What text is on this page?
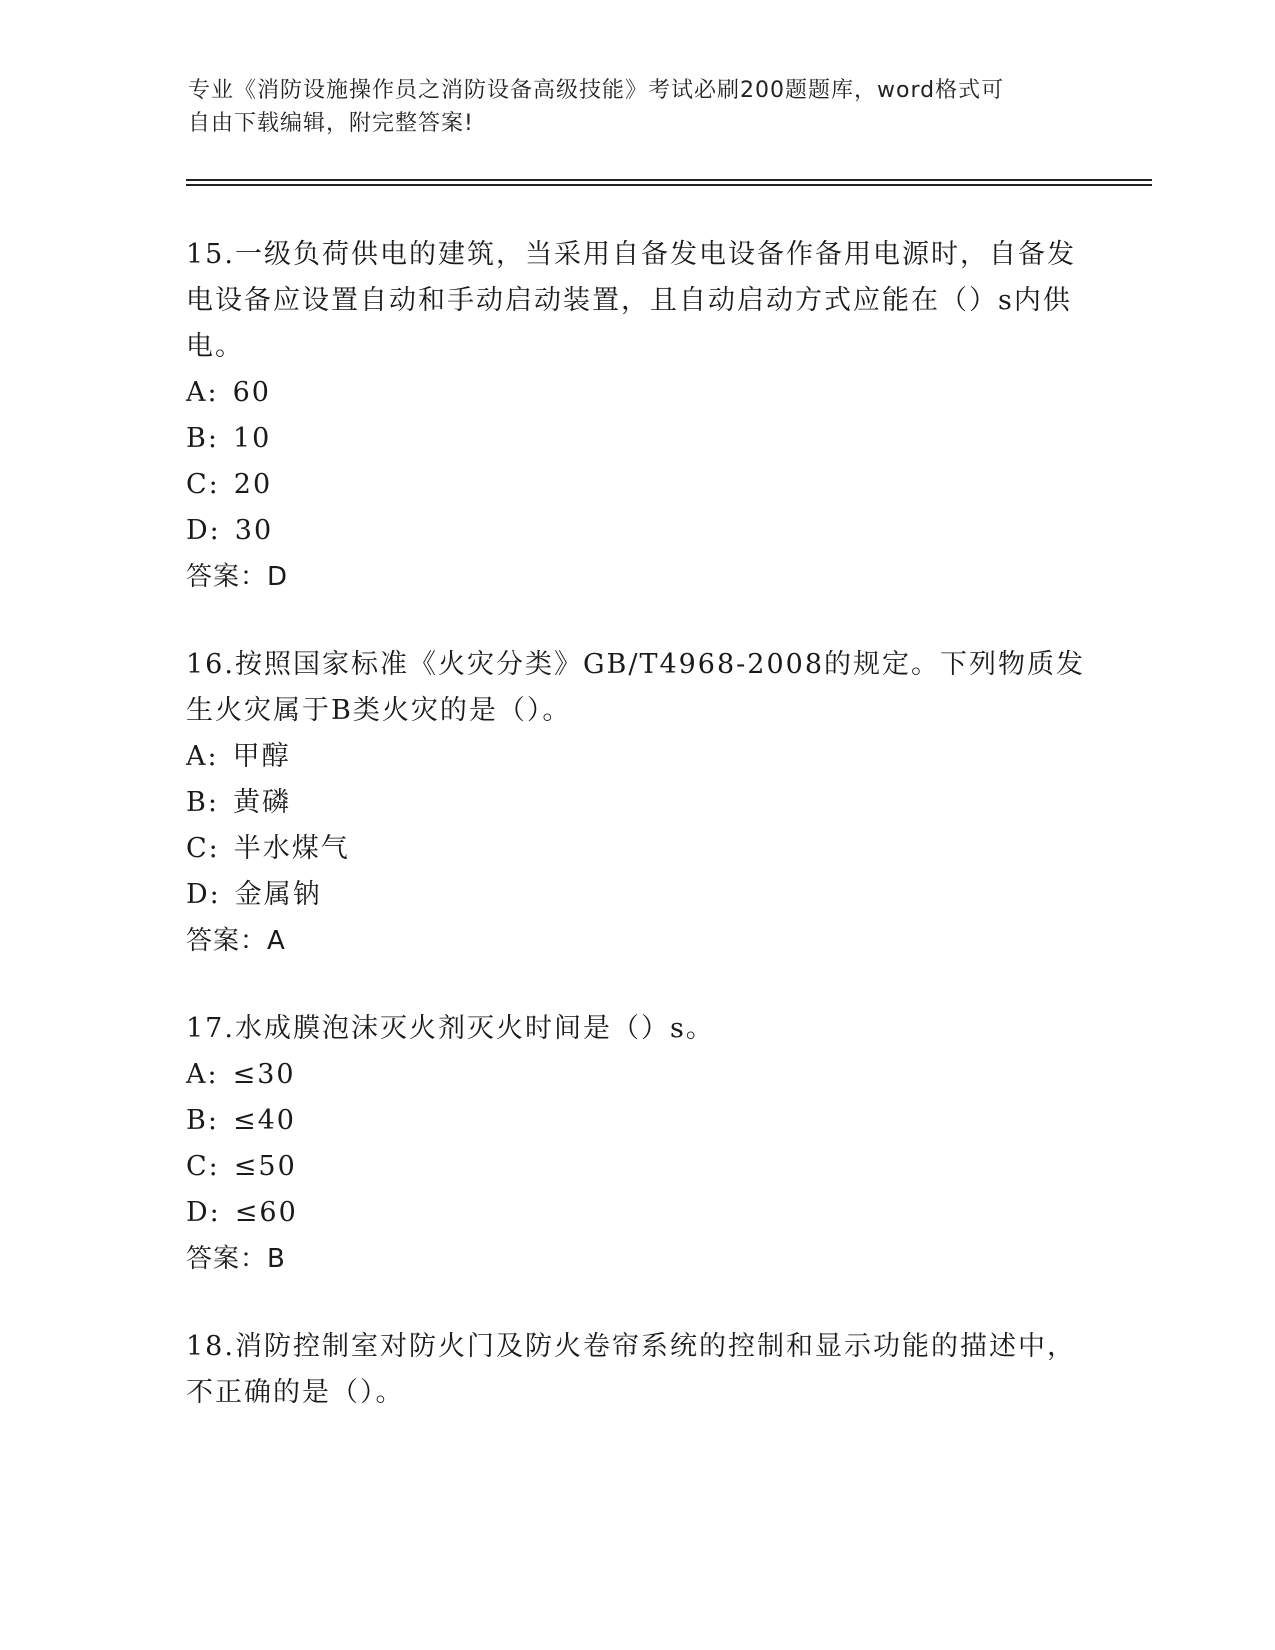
专业《消防设施操作员之消防设备高级技能》考试必刷200题题库，word格式可
自由下载编辑，附完整答案!

15.一级负荷供电的建筑，当采用自备发电设备作备用电源时，自备发电设备应设置自动和手动启动装置，且自动启动方式应能在（）s内供电。

A: 60

B: 10

C: 20

D: 30

答案：D

16.按照国家标准《火灾分类》GB/T4968-2008的规定。下列物质发生火灾属于B类火灾的是（）。

A: 甲醇

B: 黄磷

C: 半水煤气

D: 金属钠

答案：A

17.水成膜泡沫灭火剂灭火时间是（）s。

A: ≤30

B: ≤40

C: ≤50

D: ≤60

答案：B

18.消防控制室对防火门及防火卷帘系统的控制和显示功能的描述中，不正确的是（）。
